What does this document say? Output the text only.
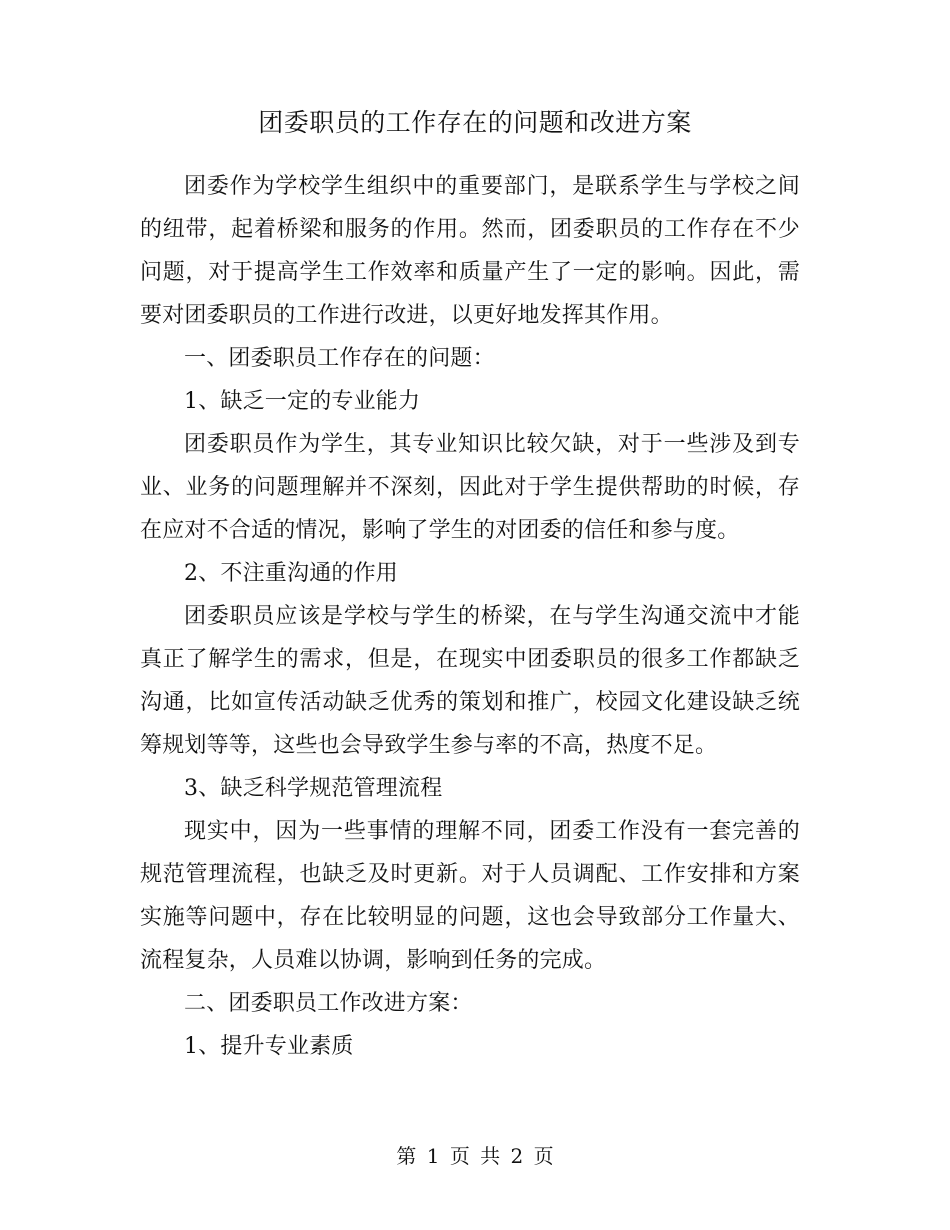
团委职员的工作存在的问题和改进方案

团委作为学校学生组织中的重要部门，是联系学生与学校之间的纽带，起着桥梁和服务的作用。然而，团委职员的工作存在不少问题，对于提高学生工作效率和质量产生了一定的影响。因此，需要对团委职员的工作进行改进，以更好地发挥其作用。

一、团委职员工作存在的问题：

1、缺乏一定的专业能力

团委职员作为学生，其专业知识比较欠缺，对于一些涉及到专业、业务的问题理解并不深刻，因此对于学生提供帮助的时候，存在应对不合适的情况，影响了学生的对团委的信任和参与度。

2、不注重沟通的作用

团委职员应该是学校与学生的桥梁，在与学生沟通交流中才能真正了解学生的需求，但是，在现实中团委职员的很多工作都缺乏沟通，比如宣传活动缺乏优秀的策划和推广，校园文化建设缺乏统筹规划等等，这些也会导致学生参与率的不高，热度不足。

3、缺乏科学规范管理流程

现实中，因为一些事情的理解不同，团委工作没有一套完善的规范管理流程，也缺乏及时更新。对于人员调配、工作安排和方案实施等问题中，存在比较明显的问题，这也会导致部分工作量大、流程复杂，人员难以协调，影响到任务的完成。

二、团委职员工作改进方案：

1、提升专业素质

第 1 页 共 2 页
